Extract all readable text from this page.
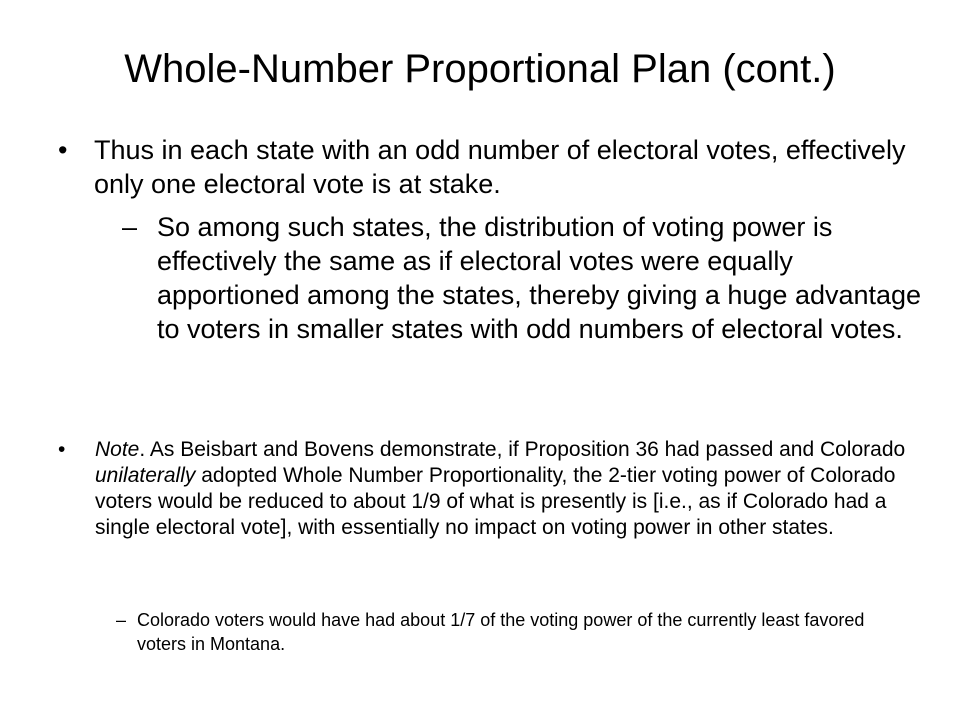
Whole-Number Proportional Plan (cont.)
• Thus in each state with an odd number of electoral votes, effectively only one electoral vote is at stake.
– So among such states, the distribution of voting power is effectively the same as if electoral votes were equally apportioned among the states, thereby giving a huge advantage to voters in smaller states with odd numbers of electoral votes.
•	Note. As Beisbart and Bovens demonstrate, if Proposition 36 had passed and Colorado unilaterally adopted Whole Number Proportionality, the 2-tier voting power of Colorado voters would be reduced to about 1/9 of what is presently is [i.e., as if Colorado had a single electoral vote], with essentially no impact on voting power in other states.
– Colorado voters would have had about 1/7 of the voting power of the currently least favored voters in Montana.
